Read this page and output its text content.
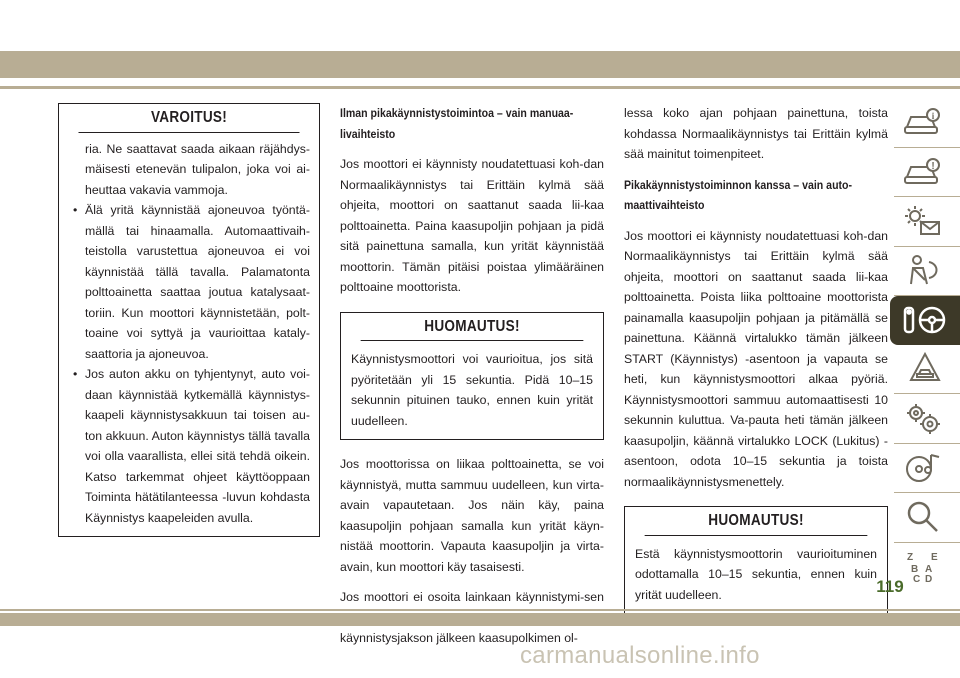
VAROITUS!
ria. Ne saattavat saada aikaan räjähdys-mäisesti etenevän tulipalon, joka voi ai-heuttaa vakavia vammoja.
• Älä yritä käynnistää ajoneuvoa työntä-mällä tai hinaamalla. Automaattivaih-teistolla varustettua ajoneuvoa ei voi käynnistää tällä tavalla. Palamatonta polttoainetta saattaa joutua katalysaat-toriin. Kun moottori käynnistetään, polt-toaine voi syttyä ja vaurioittaa kataly-saattoria ja ajoneuvoa.
• Jos auton akku on tyhjentynyt, auto voi-daan käynnistää kytkemällä käynnistys-kaapeli käynnistysakkuun tai toisen au-ton akkuun. Auton käynnistys tällä tavalla voi olla vaarallista, ellei sitä tehdä oikein. Katso tarkemmat ohjeet käyttöoppaan Toiminta hätätilanteessa -luvun kohdasta Käynnistys kaapeleiden avulla.
Ilman pikakäynnistystoimintoa – vain manuaa-livaihteisto

Jos moottori ei käynnisty noudatettuasi koh-dan Normaalikäynnistys tai Erittäin kylmä sää ohjeita, moottori on saattanut saada lii-kaa polttoainetta. Paina kaasupoljin pohjaan ja pidä sitä painettuna samalla, kun yrität käynnistää moottorin. Tämän pitäisi poistaa ylimääräinen polttoaine moottorista.

HUOMAUTUS!
Käynnistysmoottori voi vaurioitua, jos sitä pyöritetään yli 15 sekuntia. Pidä 10–15 sekunnin pituinen tauko, ennen kuin yrität uudelleen.

Jos moottorissa on liikaa polttoainetta, se voi käynnistyä, mutta sammuu uudelleen, kun virta-avain vapautetaan. Jos näin käy, paina kaasupoljin pohjaan samalla kun yrität käyn-nistää moottorin. Vapauta kaasupoljin ja virta-avain, kun moottori käy tasaisesti.

Jos moottori ei osoita lainkaan käynnistymi-sen käynnistysjakson jälkeen kaasupolkimen ol-

lessa koko ajan pohjaan painettuna, toista kohdassa Normaalikäynnistys tai Erittäin kylmä sää mainitut toimenpiteet.

Pikakäynnistystoiminnon kanssa – vain auto-maattivaihteisto

Jos moottori ei käynnisty noudatettuasi koh-dan Normaalikäynnistys tai Erittäin kylmä sää ohjeita, moottori on saattanut saada lii-kaa polttoainetta. Poista liika polttoaine moottorista painamalla kaasupoljin pohjaan ja pitämällä se painettuna. Käännä virtalukko tämän jälkeen START (Käynnistys) -asentoon ja vapauta se heti, kun käynnistysmoottori alkaa pyöriä. Käynnistysmoottori sammuu automaattisesti 10 sekunnin kuluttua. Va-pauta heti tämän jälkeen kaasupoljin, käännä virtalukko LOCK (Lukitus) -asentoon, odota 10–15 sekuntia ja toista normaalikäynnistysmenettely.

HUOMAUTUS!
Estä käynnistysmoottorin vaurioituminen odottamalla 10–15 sekuntia, ennen kuin yrität uudelleen.
i
!
Z E
B A
C D
119
carmanualsonline.info
